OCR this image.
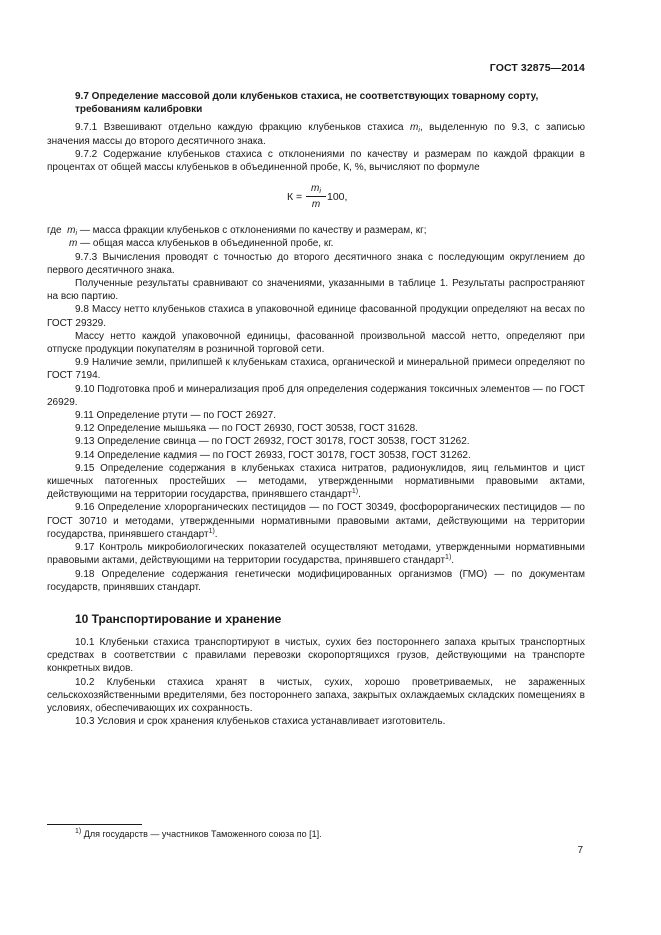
ГОСТ 32875—2014

9.7 Определение массовой доли клубеньков стахиса, не соответствующих товарному сорту, требованиям калибровки

9.7.1 Взвешивают отдельно каждую фракцию клубеньков стахиса $m_i$, выделенную по 9.3, с записью значения массы до второго десятичного знака.

9.7.2 Содержание клубеньков стахиса с отклонениями по качеству и размерам по каждой фракции в процентах от общей массы клубеньков в объединенной пробе, К, %, вычисляют по формуле

$К = \frac{m_i}{m} 100$,

где $m_i$ — масса фракции клубеньков с отклонениями по качеству и размерам, кг;

m — общая масса клубеньков в объединенной пробе, кг.

9.7.3 Вычисления проводят с точностью до второго десятичного знака с последующим округлением до первого десятичного знака.

Полученные результаты сравнивают со значениями, указанными в таблице 1. Результаты распространяют на всю партию.

9.8 Массу нетто клубеньков стахиса в упаковочной единице фасованной продукции определяют на весах по ГОСТ 29329.

Массу нетто каждой упаковочной единицы, фасованной произвольной массой нетто, определяют при отпуске продукции покупателям в розничной торговой сети.

9.9 Наличие земли, прилипшей к клубенькам стахиса, органической и минеральной примеси определяют по ГОСТ 7194.

9.10 Подготовка проб и минерализация проб для определения содержания токсичных элементов — по ГОСТ 26929.

9.11 Определение ртути — по ГОСТ 26927.

9.12 Определение мышьяка — по ГОСТ 26930, ГОСТ 30538, ГОСТ 31628.

9.13 Определение свинца — по ГОСТ 26932, ГОСТ 30178, ГОСТ 30538, ГОСТ 31262.

9.14 Определение кадмия — по ГОСТ 26933, ГОСТ 30178, ГОСТ 30538, ГОСТ 31262.

9.15 Определение содержания в клубеньках стахиса нитратов, радионуклидов, яиц гельминтов и цист кишечных патогенных простейших — методами, утвержденными нормативными правовыми актами, действующими на территории государства, принявшего стандарт$^{1)}$.

9.16 Определение хлорорганических пестицидов — по ГОСТ 30349, фосфорорганических пестицидов — по ГОСТ 30710 и методами, утвержденными нормативными правовыми актами, действующими на территории государства, принявшего стандарт$^{1)}$.

9.17 Контроль микробиологических показателей осуществляют методами, утвержденными нормативными правовыми актами, действующими на территории государства, принявшего стандарт$^{1)}$.

9.18 Определение содержания генетически модифицированных организмов (ГМО) — по документам государств, принявших стандарт.

10 Транспортирование и хранение

10.1 Клубеньки стахиса транспортируют в чистых, сухих без постороннего запаха крытых транспортных средствах в соответствии с правилами перевозки скоропортящихся грузов, действующими на транспорте конкретных видов.

10.2 Клубеньки стахиса хранят в чистых, сухих, хорошо проветриваемых, не зараженных сельскохозяйственными вредителями, без постороннего запаха, закрытых охлаждаемых складских помещениях в условиях, обеспечивающих их сохранность.

10.3 Условия и срок хранения клубеньков стахиса устанавливает изготовитель.

$^{1)}$ Для государств — участников Таможенного союза по [1].
7
